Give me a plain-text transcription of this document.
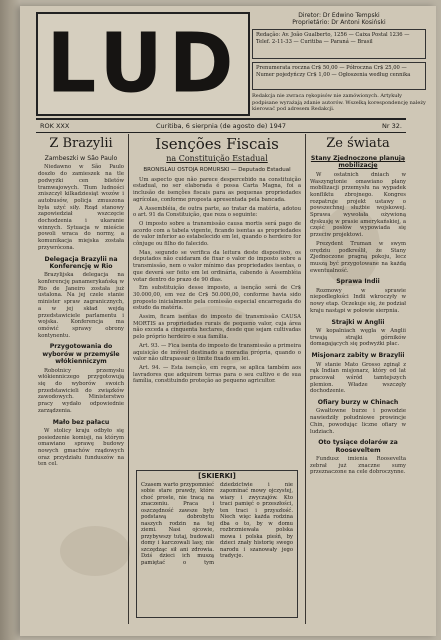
LUD
Diretor: Dr Edwino Tempski
Proprietário: Dr Antoni Kosiński
Redação: Av. João Gualberto, 1256 — Caixa Postal 1236 — Telef. 2-11-33 — Curitiba — Paraná — Brasil
Prenumerata roczna Cr$ 50,00 — Półroczna Cr$ 25,00 — Numer pojedyńczy Cr$ 1,00 — Ogłoszenia według cennika
Redakcja nie zwraca rękopisów nie zamówionych. Artykuły podpisane wyrażają zdanie autorów. Wszelką korespondencję należy kierować pod adresem Redakcji.
ROK XXX	Curitiba, 6 sierpnia (de agosto de) 1947	Nr 32.
Z Brazylii
Zambeszki w São Paulo

Niedawno w São Paulo doszło do zamieszek na tle podwyżki cen biletów tramwajowych. Tłum ludności zniszczył kilkadziesiąt wozów i autobusów, policja zmuszona była użyć siły. Rząd stanowy zapowiedział wszczęcie dochodzenia i ukaranie winnych. Sytuacja w mieście powoli wraca do normy, a komunikacja miejska została przywrócona.

Delegacja Brazylii na Konferencję w Rio

Brazylijska delegacja na konferencję panamerykańską w Rio de Janeiro została już ustalona. Na jej czele stanie minister spraw zagranicznych, a w jej skład wejdą przedstawiciele parlamentu i wojska. Konferencja ma omówić sprawy obrony kontynentu.

Przygotowania do wyborów w przemyśle włókienniczym

Robotnicy przemysłu włókienniczego przygotowują się do wyborów swoich przedstawicieli do związków zawodowych. Ministerstwo pracy wydało odpowiednie zarządzenia.

Mało bez pałacu

W stolicy kraju odbyło się posiedzenie komisji, na którym omawiano sprawę budowy nowych gmachów rządowych oraz przydziału funduszów na ten cel.

Isenções Fiscais
na Constituição Estadual
BRONISLAU OSTOJA ROMURSKI — Deputado Estadual

Um aspecto que não parece despercebido na constituição estadual, no ser elaborada é possa Carta Magna, foi a inclusão de isenções fiscais para as pequenas propriedades agrícolas, conforme proposta apresentada pela bancada.

A Assembléia, de outra parte, ao tratar da matéria, adotou o art. 91 da Constituição, que reza o seguinte:

O imposto sobre a transmissão causa mortis será pago de acordo com a tabela vigente, ficando isentas as propriedades de valor inferior ao estabelecido em lei, quando o herdeiro for cônjuge ou filho do falecido.

Mas, segundo se verifica da leitura deste dispositivo, os deputados não cuidaram de fixar o valor do imposto sobre a transmissão, nem o valor mínimo das propriedades isentas, o que deverá ser feito em lei ordinária, cabendo à Assembléia votar dentro do prazo de 90 dias.

Em substituição desse imposto, a isenção será de Cr$ 30.000,00, em vez de Cr$ 50.000,00, conforme havia sido proposto inicialmente pela comissão especial encarregada do estudo da matéria.

Assim, ficam isentas do imposto de transmissão CAUSA MORTIS as propriedades rurais de pequeno valor, cuja área não exceda a cinquenta hectares, desde que sejam cultivadas pelo próprio herdeiro e sua família.

Art. 93. — Fica isenta do imposto de transmissão a primeira aquisição de imóvel destinado a moradia própria, quando o valor não ultrapassar o limite fixado em lei.

Art. 94. — Esta isenção, em regra, se aplica também aos lavradores que adquirem terras para o seu cultivo e de sua família, constituindo proteção ao pequeno agricultor.

[SKIERKI]
Czasem warto przypomnieć sobie stare prawdy, które choć proste, nie tracą na znaczeniu. Praca i oszczędność zawsze były podstawą dobrobytu naszych rodzin na tej ziemi. Nasi ojcowie, przybywszy tutaj, budowali domy i karczowali lasy, nie szczędząc sił ani zdrowia. Dziś dzieci ich muszą pamiętać o tym dziedzictwie i nie zapominać mowy ojczystej, wiary i zwyczajów. Kto traci pamięć o przeszłości, ten traci i przyszłość. Niech więc każda rodzina dba o to, by w domu rozbrzmiewała polska mowa i polska pieśń, by dzieci znały historię swego narodu i szanowały jego tradycje.
Ze świata
Stany Zjednoczone planują mobilizację

W ostatnich dniach w Waszyngtonie omawiano plany mobilizacji przemysłu na wypadek konfliktu zbrojnego. Kongres rozpatruje projekt ustawy o powszechnej służbie wojskowej. Sprawa wywołała ożywioną dyskusję w prasie amerykańskiej, a część posłów wypowiada się przeciw projektowi.

Prezydent Truman w swym orędziu podkreślił, że Stany Zjednoczone pragną pokoju, lecz muszą być przygotowane na każdą ewentualność.

Sprawa Indii

Rozmowy w sprawie niepodległości Indii wkroczyły w nowy etap. Oczekuje się, że podział kraju nastąpi w połowie sierpnia.

Strajki w Anglii

W kopalniach węgla w Anglii trwają strajki górników domagających się podwyżki płac.

Misjonarz zabity w Brazylii

W stanie Mato Grosso zginął z rąk Indian misjonarz, który od lat pracował wśród tamtejszych plemion. Władze wszczęły dochodzenie.

Ofiary burzy w Chinach

Gwałtowne burze i powodzie nawiedziły południowe prowincje Chin, powodując liczne ofiary w ludziach.

Oto tysiące dolarów za Rooseveltem

Fundusz imienia Roosevelta zebrał już znaczne sumy przeznaczone na cele dobroczynne.
